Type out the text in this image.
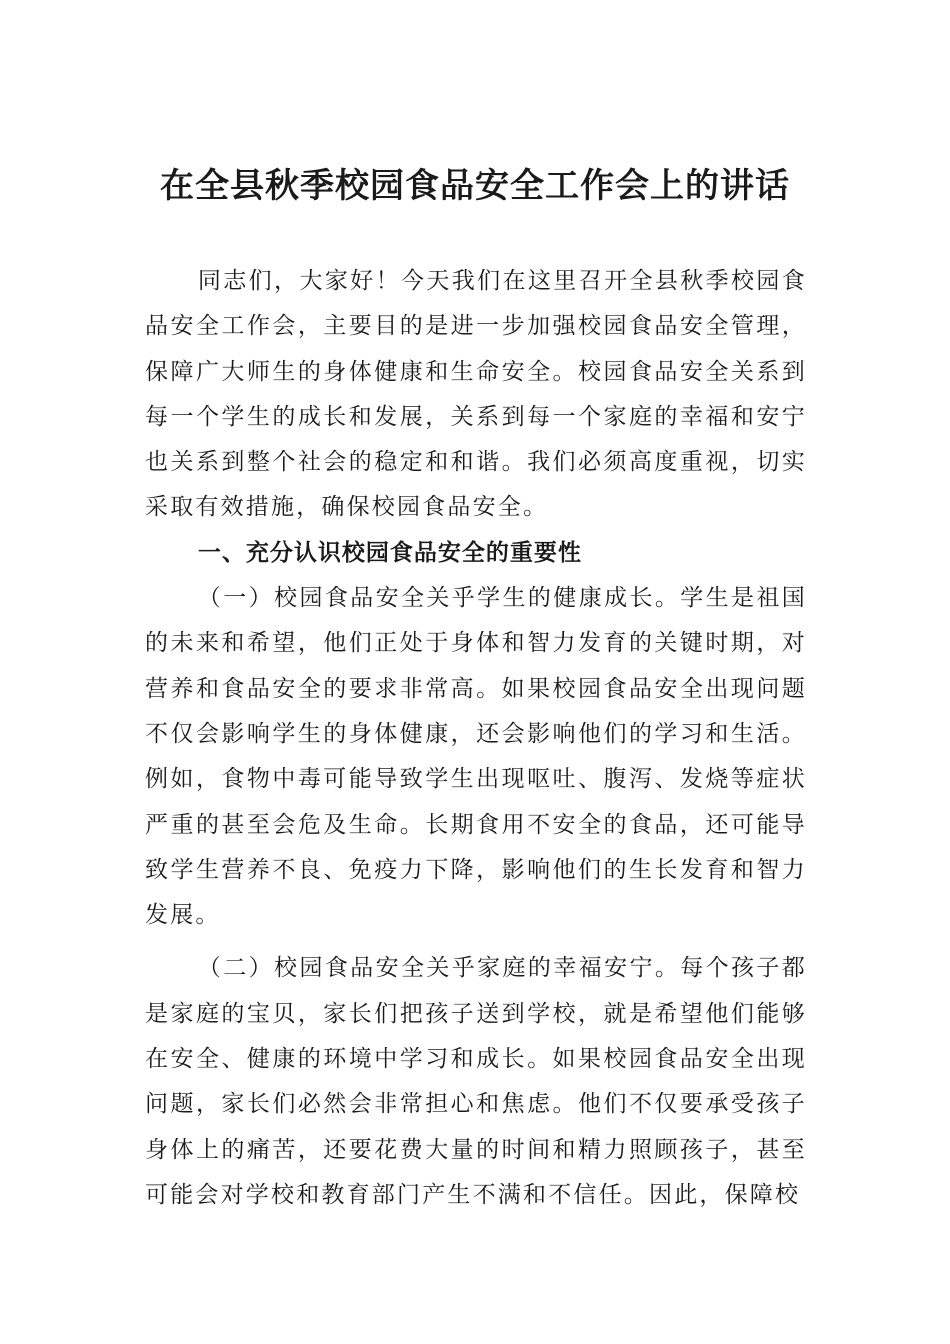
在全县秋季校园食品安全工作会上的讲话

同志们，大家好！今天我们在这里召开全县秋季校园食品安全工作会，主要目的是进一步加强校园食品安全管理，保障广大师生的身体健康和生命安全。校园食品安全关系到每一个学生的成长和发展，关系到每一个家庭的幸福和安宁也关系到整个社会的稳定和和谐。我们必须高度重视，切实采取有效措施，确保校园食品安全。

一、充分认识校园食品安全的重要性

（一）校园食品安全关乎学生的健康成长。学生是祖国的未来和希望，他们正处于身体和智力发育的关键时期，对营养和食品安全的要求非常高。如果校园食品安全出现问题不仅会影响学生的身体健康，还会影响他们的学习和生活。例如，食物中毒可能导致学生出现呕吐、腹泻、发烧等症状严重的甚至会危及生命。长期食用不安全的食品，还可能导致学生营养不良、免疫力下降，影响他们的生长发育和智力发展。

（二）校园食品安全关乎家庭的幸福安宁。每个孩子都是家庭的宝贝，家长们把孩子送到学校，就是希望他们能够在安全、健康的环境中学习和成长。如果校园食品安全出现问题，家长们必然会非常担心和焦虑。他们不仅要承受孩子身体上的痛苦，还要花费大量的时间和精力照顾孩子，甚至可能会对学校和教育部门产生不满和不信任。因此，保障校
